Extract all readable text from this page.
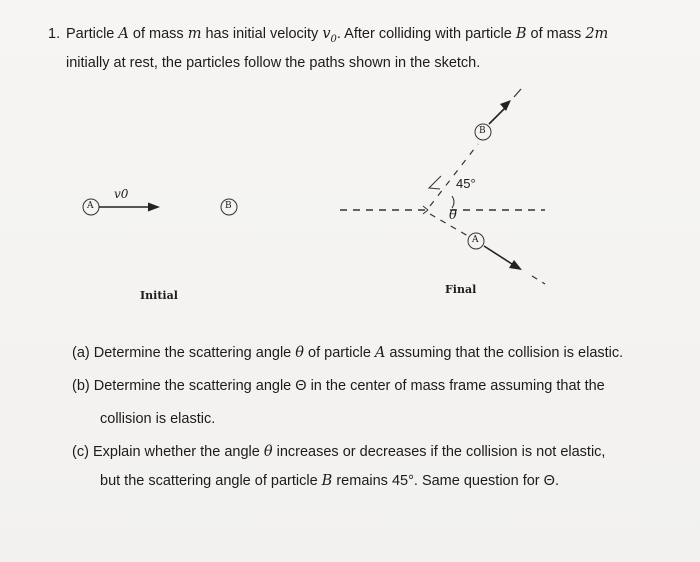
1. Particle A of mass m has initial velocity $v_0$. After colliding with particle B of mass 2m
initially at rest, the particles follow the paths shown in the sketch.
A	B
B
A
v0
45°
θ
Initial	Final
(a) Determine the scattering angle θ of particle A assuming that the collision is elastic.
(b) Determine the scattering angle Θ in the center of mass frame assuming that the
collision is elastic.
(c) Explain whether the angle θ increases or decreases if the collision is not elastic,
but the scattering angle of particle B remains 45°. Same question for Θ.
